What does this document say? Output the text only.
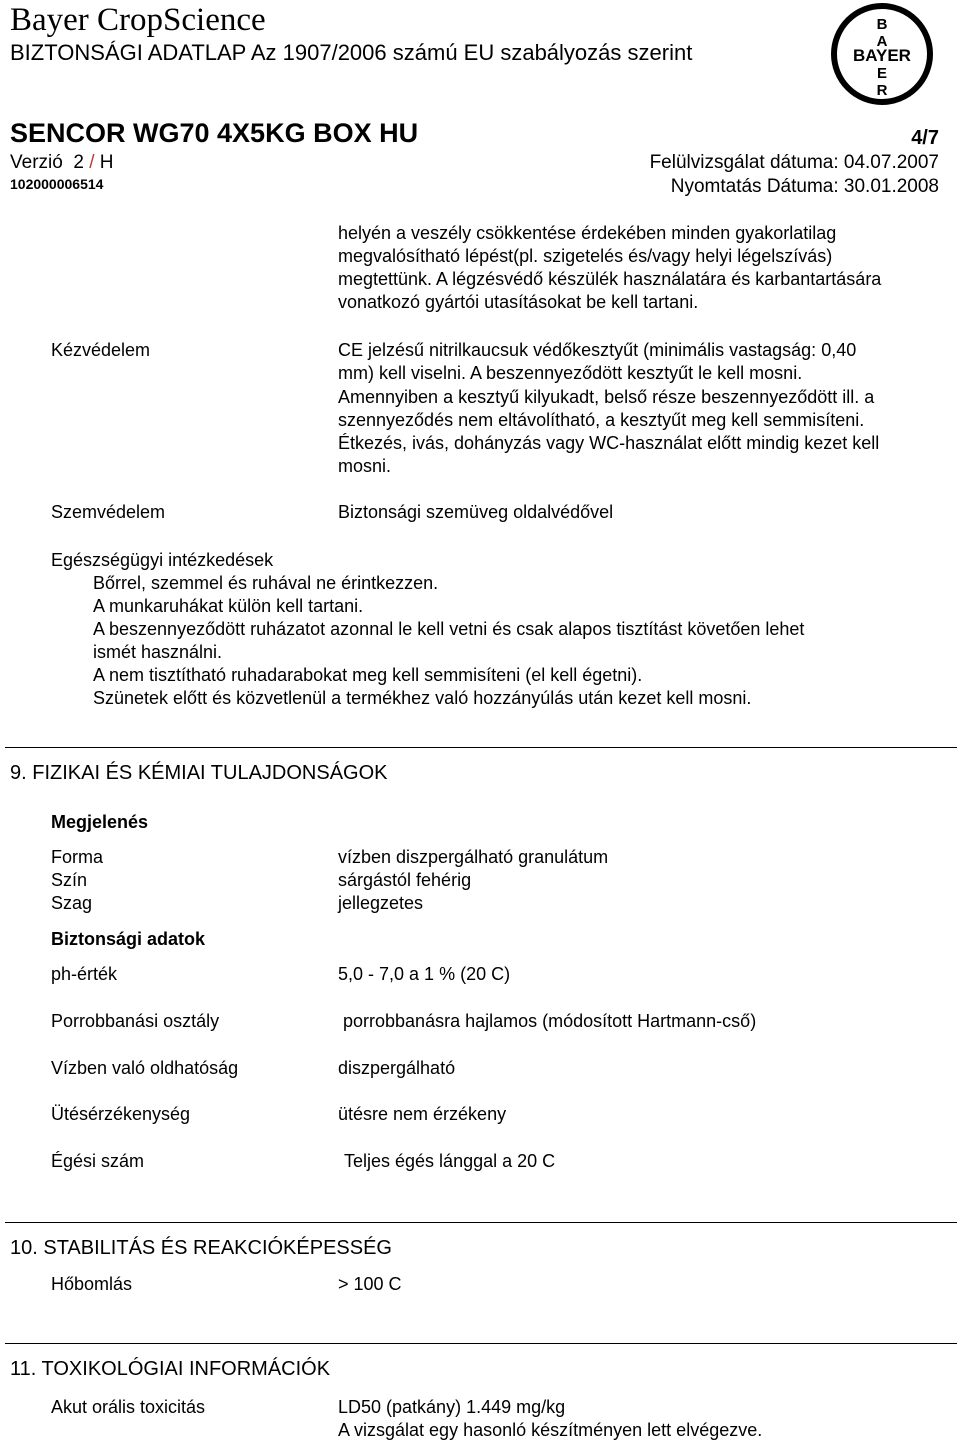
Bayer CropScience
BIZTONSÁGI ADATLAP Az 1907/2006 számú EU szabályozás szerint
B
A
BAYER
E
R
SENCOR WG70 4X5KG BOX HU	4/7
Verzió 2 / H	Felülvizsgálat dátuma: 04.07.2007
102000006514	Nyomtatás Dátuma: 30.01.2008
helyén a veszély csökkentése érdekében minden gyakorlatilag
megvalósítható lépést(pl. szigetelés és/vagy helyi légelszívás)
megtettünk. A légzésvédő készülék használatára és karbantartására
vonatkozó gyártói utasításokat be kell tartani.
Kézvédelem	CE jelzésű nitrilkaucsuk védőkesztyűt (minimális vastagság: 0,40
mm) kell viselni. A beszennyeződött kesztyűt le kell mosni.
Amennyiben a kesztyű kilyukadt, belső része beszennyeződött ill. a
szennyeződés nem eltávolítható, a kesztyűt meg kell semmisíteni.
Étkezés, ivás, dohányzás vagy WC-használat előtt mindig kezet kell
mosni.
Szemvédelem	Biztonsági szemüveg oldalvédővel
Egészségügyi intézkedések
Bőrrel, szemmel és ruhával ne érintkezzen.
A munkaruhákat külön kell tartani.
A beszennyeződött ruházatot azonnal le kell vetni és csak alapos tisztítást követően lehet
ismét használni.
A nem tisztítható ruhadarabokat meg kell semmisíteni (el kell égetni).
Szünetek előtt és közvetlenül a termékhez való hozzányúlás után kezet kell mosni.
9. FIZIKAI ÉS KÉMIAI TULAJDONSÁGOK
Megjelenés
Forma	vízben diszpergálható granulátum
Szín	sárgástól fehérig
Szag	jellegzetes
Biztonsági adatok
ph-érték	5,0 - 7,0 a 1 % (20 C)
Porrobbanási osztály	porrobbanásra hajlamos (módosított Hartmann-cső)
Vízben való oldhatóság	diszpergálható
Ütésérzékenység	ütésre nem érzékeny
Égési szám	Teljes égés lánggal a 20 C
10. STABILITÁS ÉS REAKCIÓKÉPESSÉG
Hőbomlás	> 100 C
11. TOXIKOLÓGIAI INFORMÁCIÓK
Akut orális toxicitás	LD50 (patkány) 1.449 mg/kg
A vizsgálat egy hasonló készítményen lett elvégezve.
